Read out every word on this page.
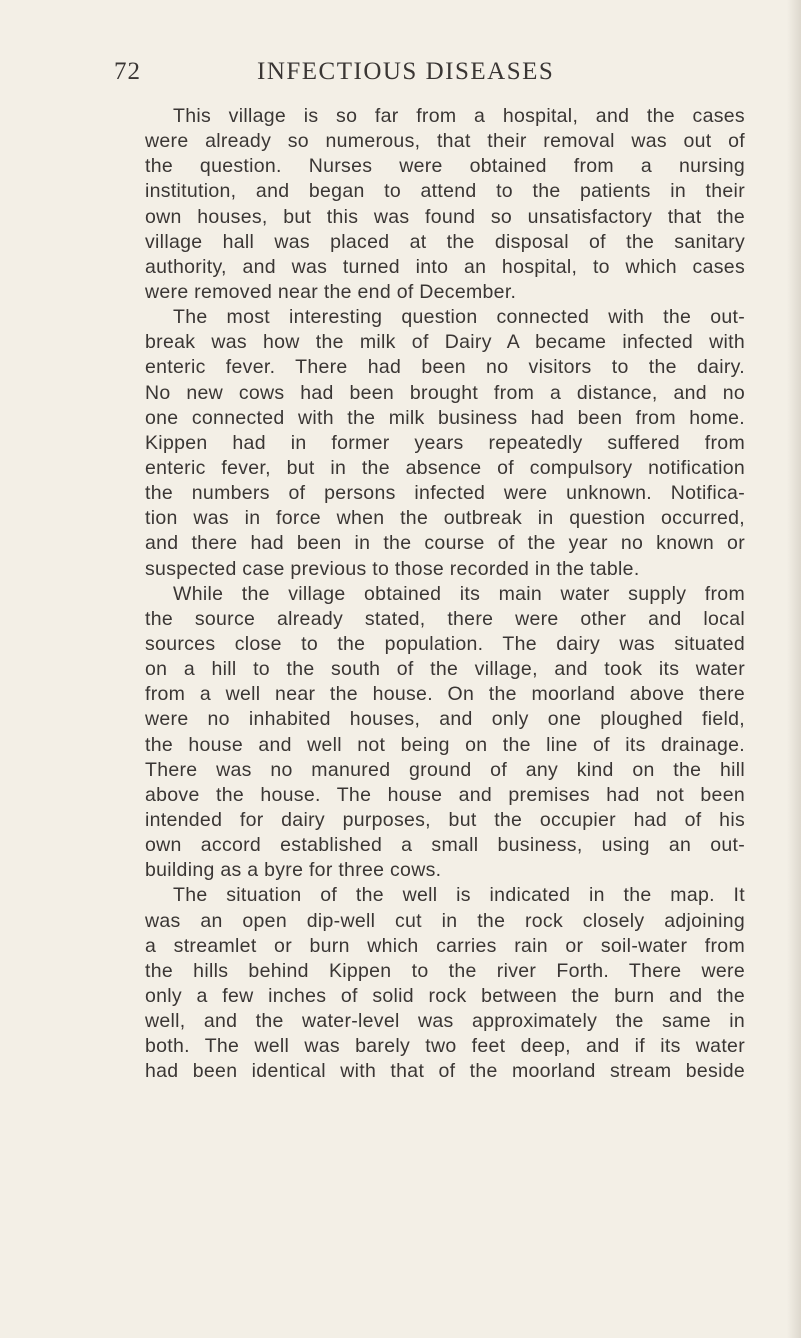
72	INFECTIOUS DISEASES
This village is so far from a hospital, and the cases
were already so numerous, that their removal was out of
the question. Nurses were obtained from a nursing
institution, and began to attend to the patients in their
own houses, but this was found so unsatisfactory that the
village hall was placed at the disposal of the sanitary
authority, and was turned into an hospital, to which cases
were removed near the end of December.
The most interesting question connected with the out-
break was how the milk of Dairy A became infected with
enteric fever. There had been no visitors to the dairy.
No new cows had been brought from a distance, and no
one connected with the milk business had been from home.
Kippen had in former years repeatedly suffered from
enteric fever, but in the absence of compulsory notification
the numbers of persons infected were unknown. Notifica-
tion was in force when the outbreak in question occurred,
and there had been in the course of the year no known or
suspected case previous to those recorded in the table.
While the village obtained its main water supply from
the source already stated, there were other and local
sources close to the population. The dairy was situated
on a hill to the south of the village, and took its water
from a well near the house. On the moorland above there
were no inhabited houses, and only one ploughed field,
the house and well not being on the line of its drainage.
There was no manured ground of any kind on the hill
above the house. The house and premises had not been
intended for dairy purposes, but the occupier had of his
own accord established a small business, using an out-
building as a byre for three cows.
The situation of the well is indicated in the map. It
was an open dip-well cut in the rock closely adjoining
a streamlet or burn which carries rain or soil-water from
the hills behind Kippen to the river Forth. There were
only a few inches of solid rock between the burn and the
well, and the water-level was approximately the same in
both. The well was barely two feet deep, and if its water
had been identical with that of the moorland stream beside
